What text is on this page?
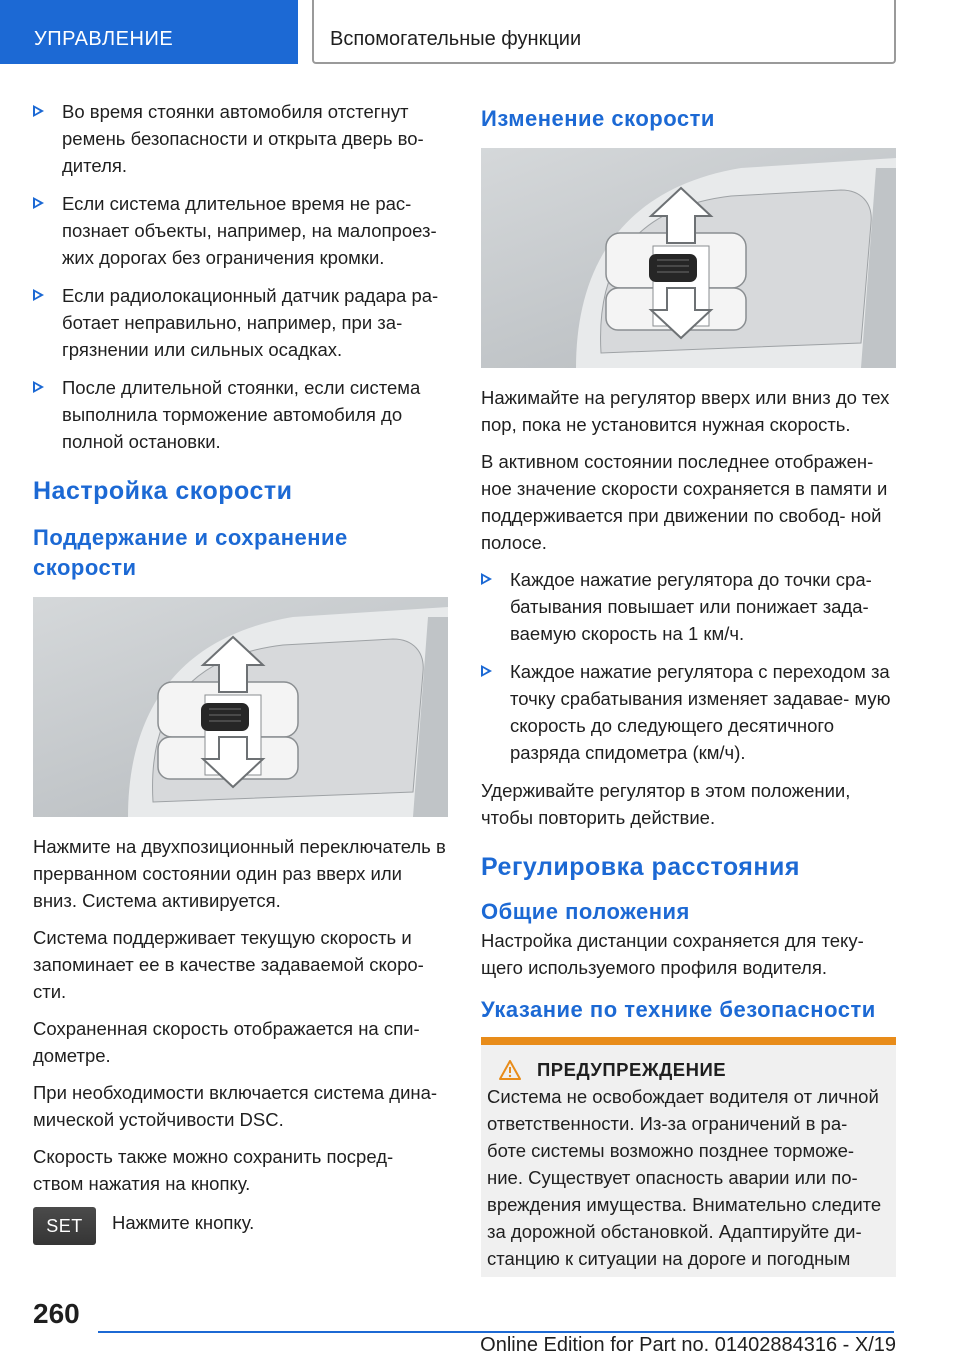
УПРАВЛЕНИЕ	Вспомогательные функции
Во время стоянки автомобиля отстегнут ремень безопасности и открыта дверь во- дителя.
Если система длительное время не рас- познает объекты, например, на малопроез- жих дорогах без ограничения кромки.
Если радиолокационный датчик радара ра- ботает неправильно, например, при за- грязнении или сильных осадках.
После длительной стоянки, если система выполнила торможение автомобиля до полной остановки.
Настройка скорости
Поддержание и сохранение скорости
Нажмите на двухпозиционный переключатель в прерванном состоянии один раз вверх или вниз. Система активируется.
Система поддерживает текущую скорость и запоминает ее в качестве задаваемой скоро- сти.
Сохраненная скорость отображается на спи- дометре.
При необходимости включается система дина- мической устойчивости DSC.
Скорость также можно сохранить посред- ством нажатия на кнопку.
SET	Нажмите кнопку.
Изменение скорости
Нажимайте на регулятор вверх или вниз до тех пор, пока не установится нужная скорость.
В активном состоянии последнее отображен- ное значение скорости сохраняется в памяти и поддерживается при движении по свобод- ной полосе.
Каждое нажатие регулятора до точки сра- батывания повышает или понижает зада- ваемую скорость на 1 км/ч.
Каждое нажатие регулятора с переходом за точку срабатывания изменяет задавае- мую скорость до следующего десятичного разряда спидометра (км/ч).
Удерживайте регулятор в этом положении, чтобы повторить действие.
Регулировка расстояния
Общие положения
Настройка дистанции сохраняется для теку- щего используемого профиля водителя.
Указание по технике безопасности
ПРЕДУПРЕЖДЕНИЕ
Система не освобождает водителя от личной ответственности. Из-за ограничений в ра- боте системы возможно позднее торможе- ние. Существует опасность аварии или по- вреждения имущества. Внимательно следите за дорожной обстановкой. Адаптируйте ди- станцию к ситуации на дороге и погодным
260
Online Edition for Part no. 01402884316 - X/19
